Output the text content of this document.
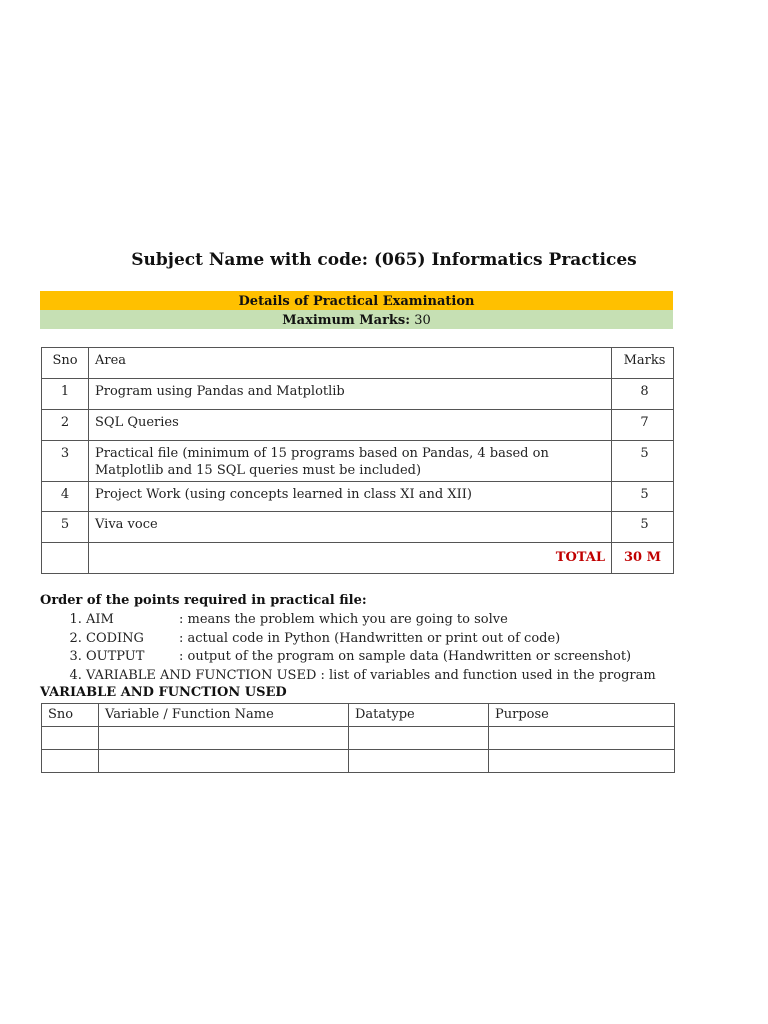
Subject Name with code: (065) Informatics Practices
Details of Practical Examination
Maximum Marks: 30
Sno	Area	Marks
1	Program using Pandas and Matplotlib	8
2	SQL Queries	7
3	Practical file (minimum of 15 programs based on Pandas, 4 based on
Matplotlib and 15 SQL queries must be included)	5
4	Project Work (using concepts learned in class XI and XII)	5
5	Viva voce	5
	TOTAL	30 M
Order of the points required in practical file:
1. AIM	: means the problem which you are going to solve
2. CODING	: actual code in Python (Handwritten or print out of code)
3. OUTPUT	: output of the program on sample data (Handwritten or screenshot)
4. VARIABLE AND FUNCTION USED : list of variables and function used in the program
VARIABLE AND FUNCTION USED
Sno	Variable / Function Name	Datatype	Purpose
